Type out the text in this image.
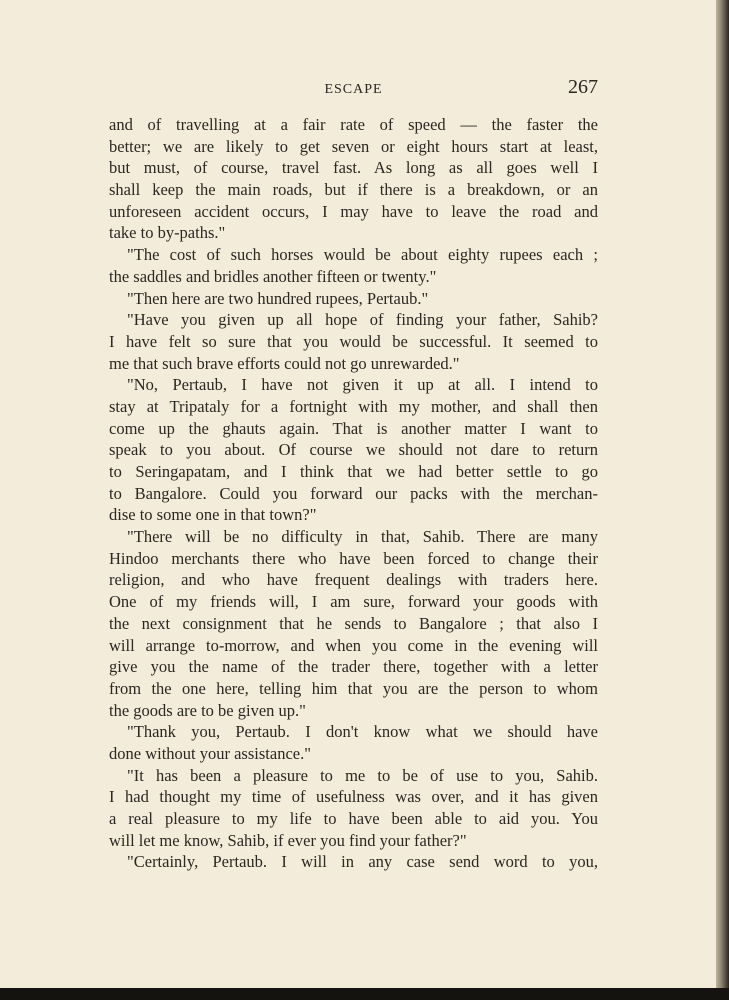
ESCAPE	267
and of travelling at a fair rate of speed — the faster the
better; we are likely to get seven or eight hours start at least,
but must, of course, travel fast. As long as all goes well I
shall keep the main roads, but if there is a breakdown, or an
unforeseen accident occurs, I may have to leave the road and
take to by-paths."
"The cost of such horses would be about eighty rupees each ;
the saddles and bridles another fifteen or twenty."
"Then here are two hundred rupees, Pertaub."
"Have you given up all hope of finding your father, Sahib?
I have felt so sure that you would be successful. It seemed to
me that such brave efforts could not go unrewarded."
"No, Pertaub, I have not given it up at all. I intend to
stay at Tripataly for a fortnight with my mother, and shall then
come up the ghauts again. That is another matter I want to
speak to you about. Of course we should not dare to return
to Seringapatam, and I think that we had better settle to go
to Bangalore. Could you forward our packs with the merchan-
dise to some one in that town?"
"There will be no difficulty in that, Sahib. There are many
Hindoo merchants there who have been forced to change their
religion, and who have frequent dealings with traders here.
One of my friends will, I am sure, forward your goods with
the next consignment that he sends to Bangalore ; that also I
will arrange to-morrow, and when you come in the evening will
give you the name of the trader there, together with a letter
from the one here, telling him that you are the person to whom
the goods are to be given up."
"Thank you, Pertaub. I don't know what we should have
done without your assistance."
"It has been a pleasure to me to be of use to you, Sahib.
I had thought my time of usefulness was over, and it has given
a real pleasure to my life to have been able to aid you. You
will let me know, Sahib, if ever you find your father?"
"Certainly, Pertaub. I will in any case send word to you,
